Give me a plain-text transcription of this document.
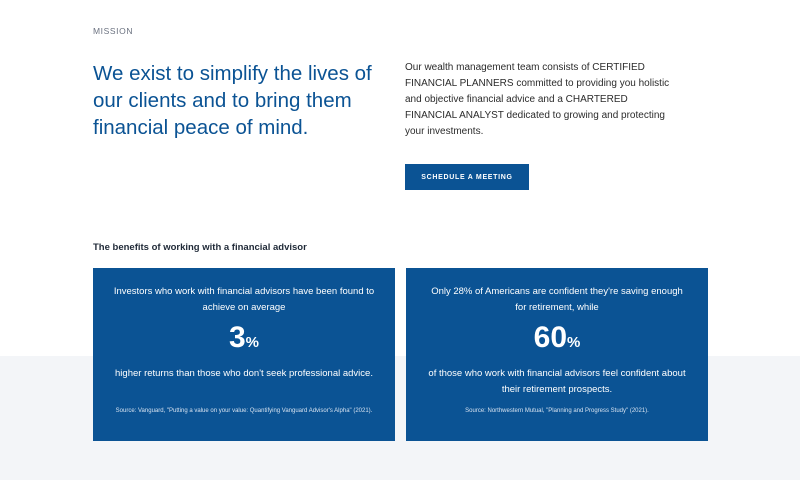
MISSION
We exist to simplify the lives of our clients and to bring them financial peace of mind.

Our wealth management team consists of CERTIFIED FINANCIAL PLANNERS committed to providing you holistic and objective financial advice and a CHARTERED FINANCIAL ANALYST dedicated to growing and protecting your investments.

SCHEDULE A MEETING
The benefits of working with a financial advisor

Investors who work with financial advisors have been found to achieve on average

3%

higher returns than those who don't seek professional advice.

Source: Vanguard, "Putting a value on your value: Quantifying Vanguard Advisor's Alpha" (2021).

Only 28% of Americans are confident they're saving enough for retirement, while

60%

of those who work with financial advisors feel confident about their retirement prospects.

Source: Northwestern Mutual, "Planning and Progress Study" (2021).
